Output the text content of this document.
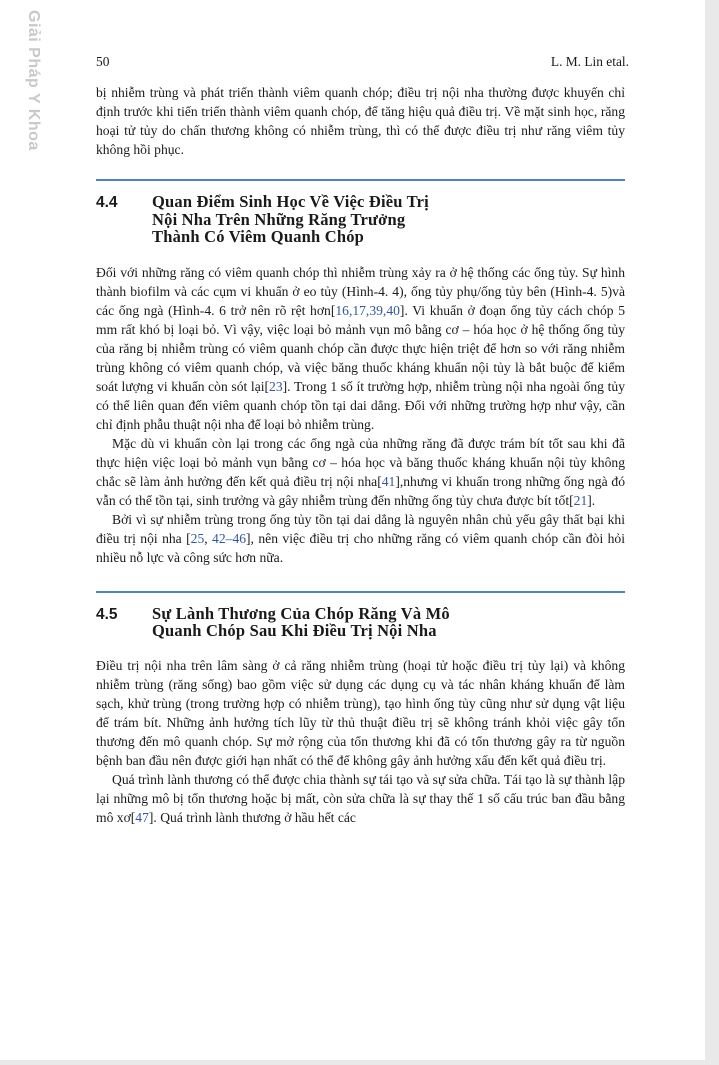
Giải Pháp Y Khoa	50	L. M. Lin etal.

bị nhiễm trùng và phát triển thành viêm quanh chóp; điều trị nội nha thường được khuyến chỉ định trước khi tiến triển thành viêm quanh chóp, để tăng hiệu quả điều trị. Về mặt sinh học, răng hoại tử tủy do chấn thương không có nhiễm trùng, thì có thể được điều trị như răng viêm tủy không hồi phục.

4.4	Quan Điểm Sinh Học Về Việc Điều Trị
Nội Nha Trên Những Răng Trưởng
Thành Có Viêm Quanh Chóp

Đối với những răng có viêm quanh chóp thì nhiễm trùng xảy ra ở hệ thống các ống tủy. Sự hình thành biofilm và các cụm vi khuẩn ở eo tủy (Hình-4. 4), ống tủy phụ/ống tủy bên (Hình-4. 5)và các ống ngà (Hình-4. 6 trở nên rõ rệt hơn[16,17,39,40]. Vi khuẩn ở đoạn ống tủy cách chóp 5 mm rất khó bị loại bỏ. Vì vậy, việc loại bỏ mảnh vụn mô bằng cơ – hóa học ở hệ thống ống tủy của răng bị nhiễm trùng có viêm quanh chóp cần được thực hiện triệt để hơn so với răng nhiễm trùng không có viêm quanh chóp, và việc băng thuốc kháng khuẩn nội tủy là bắt buộc để kiểm soát lượng vi khuẩn còn sót lại[23]. Trong 1 số ít trường hợp, nhiễm trùng nội nha ngoài ống tủy có thể liên quan đến viêm quanh chóp tồn tại dai dẳng. Đối với những trường hợp như vậy, cần chỉ định phẫu thuật nội nha để loại bỏ nhiễm trùng.

Mặc dù vi khuẩn còn lại trong các ống ngà của những răng đã được trám bít tốt sau khi đã thực hiện việc loại bỏ mảnh vụn bằng cơ – hóa học và băng thuốc kháng khuẩn nội tủy không chắc sẽ làm ảnh hưởng đến kết quả điều trị nội nha[41],nhưng vi khuẩn trong những ống ngà đó vẫn có thể tồn tại, sinh trưởng và gây nhiễm trùng đến những ống tủy chưa được bít tốt[21].

Bởi vì sự nhiễm trùng trong ống tủy tồn tại dai dẳng là nguyên nhân chủ yếu gây thất bại khi điều trị nội nha [25, 42–46], nên việc điều trị cho những răng có viêm quanh chóp cần đòi hỏi nhiều nỗ lực và công sức hơn nữa.

4.5	Sự Lành Thương Của Chóp Răng Và Mô
Quanh Chóp Sau Khi Điều Trị Nội Nha

Điều trị nội nha trên lâm sàng ở cả răng nhiễm trùng (hoại tử hoặc điều trị tủy lại) và không nhiễm trùng (răng sống) bao gồm việc sử dụng các dụng cụ và tác nhân kháng khuẩn để làm sạch, khử trùng (trong trường hợp có nhiễm trùng), tạo hình ống tủy cũng như sử dụng vật liệu để trám bít. Những ảnh hưởng tích lũy từ thủ thuật điều trị sẽ không tránh khỏi việc gây tổn thương đến mô quanh chóp. Sự mở rộng của tổn thương khi đã có tổn thương gây ra từ nguồn bệnh ban đầu nên được giới hạn nhất có thể để không gây ảnh hưởng xấu đến kết quả điều trị.

Quá trình lành thương có thể được chia thành sự tái tạo và sự sửa chữa. Tái tạo là sự thành lập lại những mô bị tổn thương hoặc bị mất, còn sửa chữa là sự thay thế 1 số cấu trúc ban đầu bằng mô xơ[47]. Quá trình lành thương ở hầu hết các
